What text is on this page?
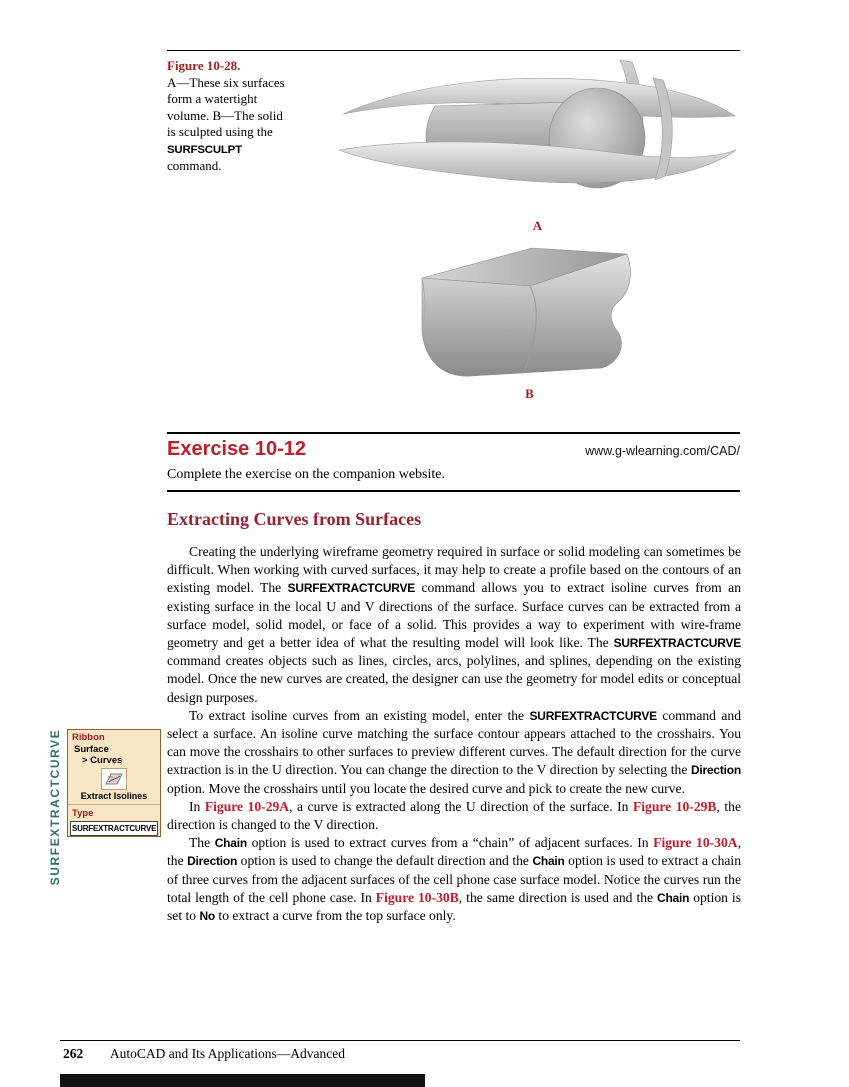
Figure 10-28.
A—These six surfaces form a watertight volume. B—The solid is sculpted using the SURFSCULPT command.
A
B
Exercise 10-12	www.g-wlearning.com/CAD/

Complete the exercise on the companion website.

Extracting Curves from Surfaces

Creating the underlying wireframe geometry required in surface or solid modeling can sometimes be difficult. When working with curved surfaces, it may help to create a profile based on the contours of an existing model. The SURFEXTRACTCURVE command allows you to extract isoline curves from an existing surface in the local U and V directions of the surface. Surface curves can be extracted from a surface model, solid model, or face of a solid. This provides a way to experiment with wire-frame geometry and get a better idea of what the resulting model will look like. The SURFEXTRACTCURVE command creates objects such as lines, circles, arcs, polylines, and splines, depending on the existing model. Once the new curves are created, the designer can use the geometry for model edits or conceptual design purposes.

To extract isoline curves from an existing model, enter the SURFEXTRACTCURVE command and select a surface. An isoline curve matching the surface contour appears attached to the crosshairs. You can move the crosshairs to other surfaces to preview different curves. The default direction for the curve extraction is in the U direction. You can change the direction to the V direction by selecting the Direction option. Move the crosshairs until you locate the desired curve and pick to create the new curve.

In Figure 10-29A, a curve is extracted along the U direction of the surface. In Figure 10-29B, the direction is changed to the V direction.

The Chain option is used to extract curves from a “chain” of adjacent surfaces. In Figure 10-30A, the Direction option is used to change the default direction and the Chain option is used to extract a chain of three curves from the adjacent surfaces of the cell phone case surface model. Notice the curves run the total length of the cell phone case. In Figure 10-30B, the same direction is used and the Chain option is set to No to extract a curve from the top surface only.

SURFEXTRACTCURVE	Ribbon
Surface
> Curves
Extract Isolines
Type
SURFEXTRACTCURVE
262 AutoCAD and Its Applications—Advanced
